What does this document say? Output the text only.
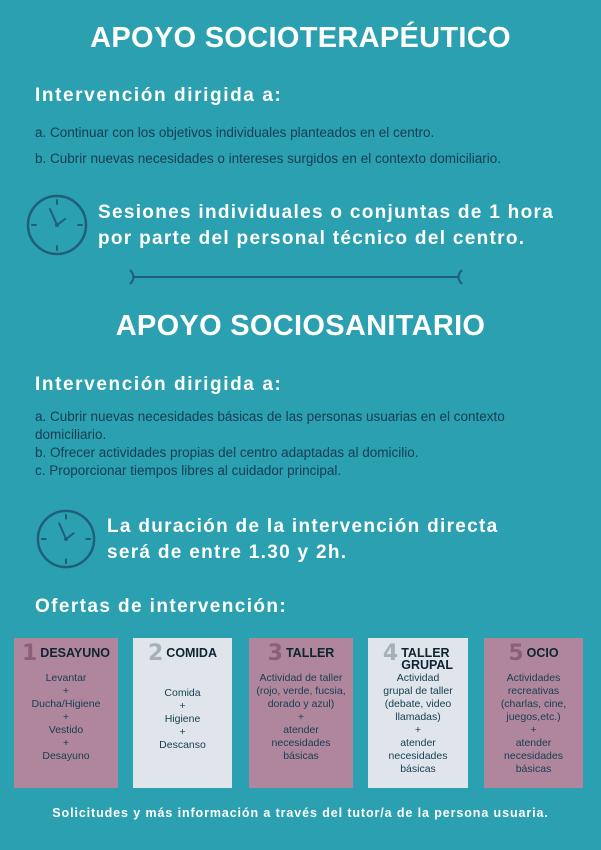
APOYO SOCIOTERAPÉUTICO
Intervención dirigida a:
a. Continuar con los objetivos individuales planteados en el centro.
b. Cubrir nuevas necesidades o intereses surgidos en el contexto domiciliario.
Sesiones individuales o conjuntas de 1 hora
por parte del personal técnico del centro.
APOYO SOCIOSANITARIO
Intervención dirigida a:
a. Cubrir nuevas necesidades básicas de las personas usuarias en el contexto
domiciliario.
b. Ofrecer actividades propias del centro adaptadas al domicilio.
c. Proporcionar tiempos libres al cuidador principal.
La duración de la intervención directa
será de entre 1.30 y 2h.
Ofertas de intervención:
1 DESAYUNO
Levantar
+
Ducha/Higiene
+
Vestido
+
Desayuno
2 COMIDA
Comida
+
Higiene
+
Descanso
3 TALLER
Actividad de taller
(rojo, verde, fucsia,
dorado y azul)
+
atender
necesidades
básicas
4 TALLER
GRUPAL
Actividad
grupal de taller
(debate, video
llamadas)
+
atender
necesidades
básicas
5 OCIO
Actividades
recreativas
(charlas, cine,
juegos,etc.)
+
atender
necesidades
básicas
Solicitudes y más información a través del tutor/a de la persona usuaria.
